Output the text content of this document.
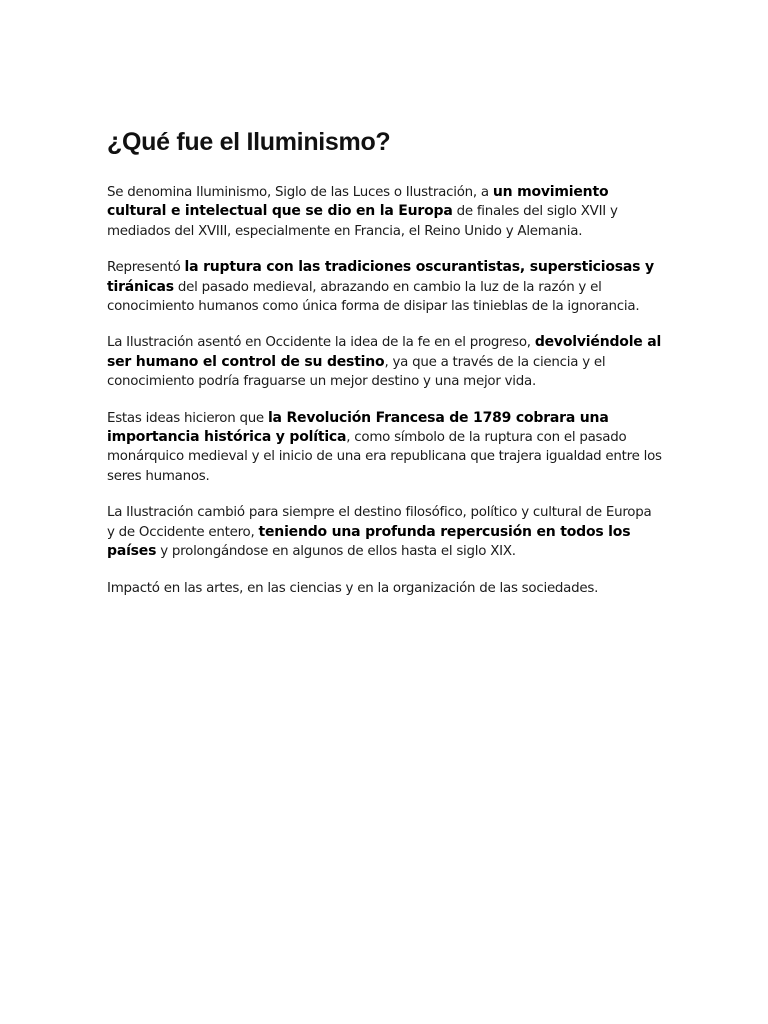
¿Qué fue el Iluminismo?

Se denomina Iluminismo, Siglo de las Luces o Ilustración, a un movimiento cultural e intelectual que se dio en la Europa de finales del siglo XVII y mediados del XVIII, especialmente en Francia, el Reino Unido y Alemania.

Representó la ruptura con las tradiciones oscurantistas, supersticiosas y tiránicas del pasado medieval, abrazando en cambio la luz de la razón y el conocimiento humanos como única forma de disipar las tinieblas de la ignorancia.

La Ilustración asentó en Occidente la idea de la fe en el progreso, devolviéndole al ser humano el control de su destino, ya que a través de la ciencia y el conocimiento podría fraguarse un mejor destino y una mejor vida.

Estas ideas hicieron que la Revolución Francesa de 1789 cobrara una importancia histórica y política, como símbolo de la ruptura con el pasado monárquico medieval y el inicio de una era republicana que trajera igualdad entre los seres humanos.

La Ilustración cambió para siempre el destino filosófico, político y cultural de Europa y de Occidente entero, teniendo una profunda repercusión en todos los países y prolongándose en algunos de ellos hasta el siglo XIX.

Impactó en las artes, en las ciencias y en la organización de las sociedades.
